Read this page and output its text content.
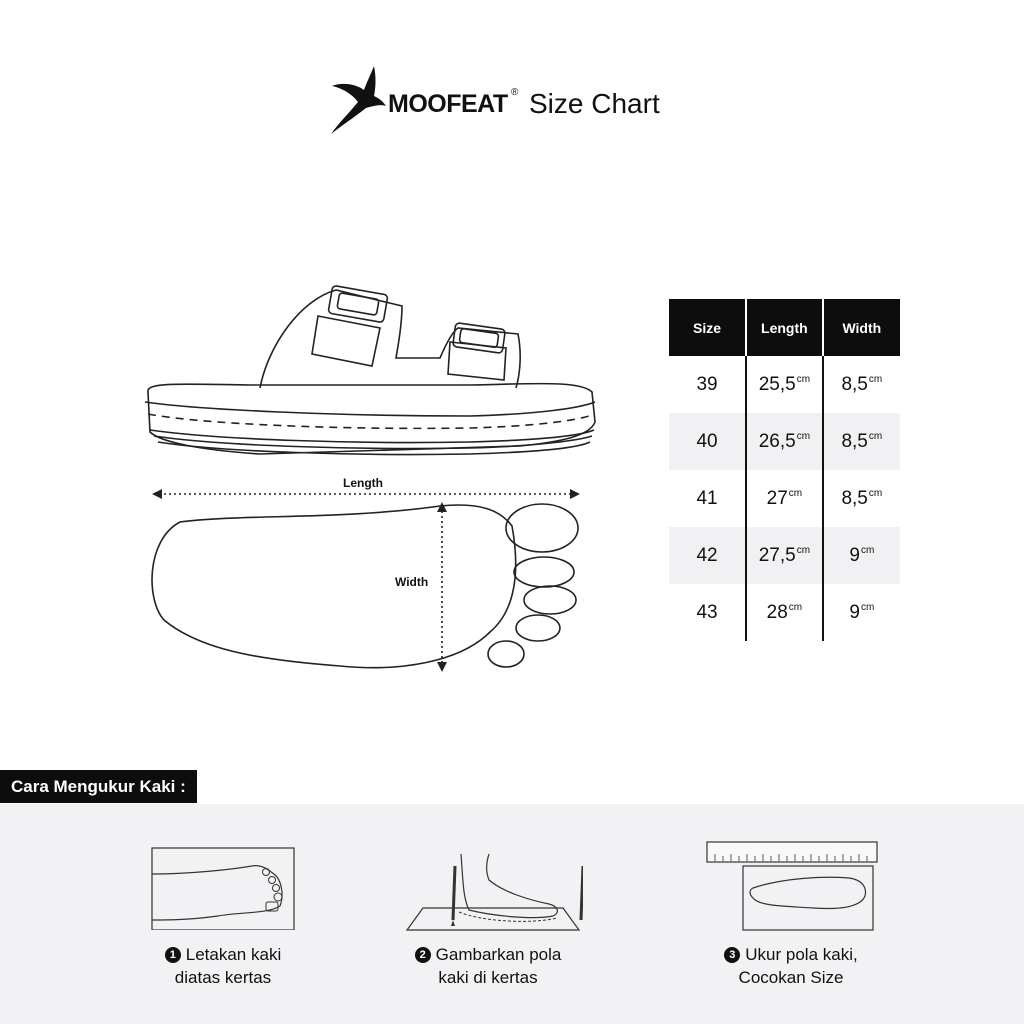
MOOFEAT ® Size Chart
Length
Width
Size	Length	Width
39	$25,5^{cm}$	$8,5^{cm}$
40	$26,5^{cm}$	$8,5^{cm}$
41	$27^{cm}$	$8,5^{cm}$
42	$27,5^{cm}$	$9^{cm}$
43	$28^{cm}$	$9^{cm}$
Cara Mengukur Kaki :
1 Letakan kaki
diatas kertas
2 Gambarkan pola
kaki di kertas
3 Ukur pola kaki,
Cocokan Size
